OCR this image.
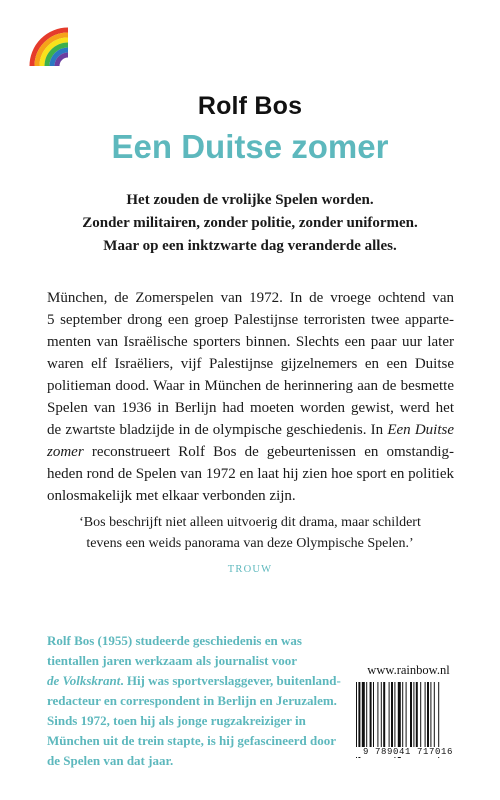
Rolf Bos
Een Duitse zomer
Het zouden de vrolijke Spelen worden.
Zonder militairen, zonder politie, zonder uniformen.
Maar op een inktzwarte dag veranderde alles.
München, de Zomerspelen van 1972. In de vroege ochtend van
5 september drong een groep Palestijnse terroristen twee apparte-
menten van Israëlische sporters binnen. Slechts een paar uur later
waren elf Israëliers, vijf Palestijnse gijzelnemers en een Duitse
politieman dood. Waar in München de herinnering aan de besmette
Spelen van 1936 in Berlijn had moeten worden gewist, werd het
de zwartste bladzijde in de olympische geschiedenis. In Een Duitse
zomer reconstrueert Rolf Bos de gebeurtenissen en omstandig-
heden rond de Spelen van 1972 en laat hij zien hoe sport en politiek
onlosmakelijk met elkaar verbonden zijn.
‘Bos beschrijft niet alleen uitvoerig dit drama, maar schildert
tevens een weids panorama van deze Olympische Spelen.’
TROUW
Rolf Bos (1955) studeerde geschiedenis en was
tientallen jaren werkzaam als journalist voor
de Volkskrant. Hij was sportverslaggever, buitenland-
redacteur en correspondent in Berlijn en Jeruzalem.
Sinds 1972, toen hij als jonge rugzakreiziger in
München uit de trein stapte, is hij gefascineerd door
de Spelen van dat jaar.
www.rainbow.nl
9 789041 717016
